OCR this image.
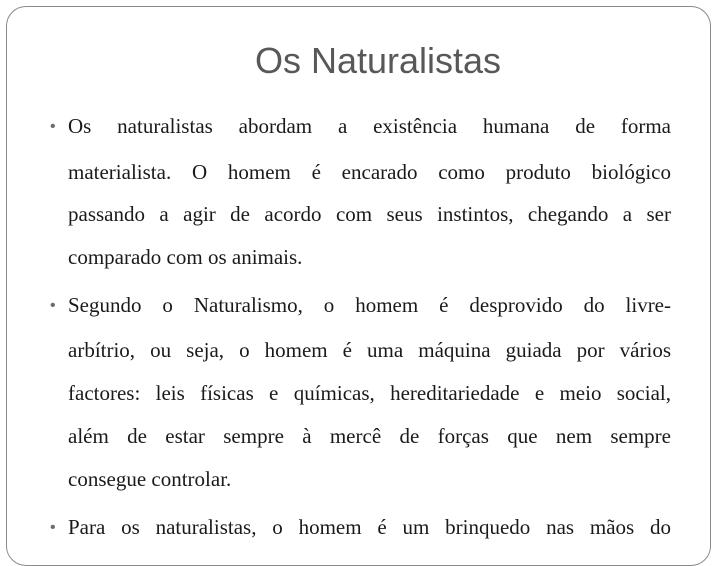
Os Naturalistas
• Os naturalistas abordam a existência humana de forma
materialista. O homem é encarado como produto biológico
passando a agir de acordo com seus instintos, chegando a ser
comparado com os animais.
• Segundo o Naturalismo, o homem é desprovido do livre-
arbítrio, ou seja, o homem é uma máquina guiada por vários
factores: leis físicas e químicas, hereditariedade e meio social,
além de estar sempre à mercê de forças que nem sempre
consegue controlar.
• Para os naturalistas, o homem é um brinquedo nas mãos do
